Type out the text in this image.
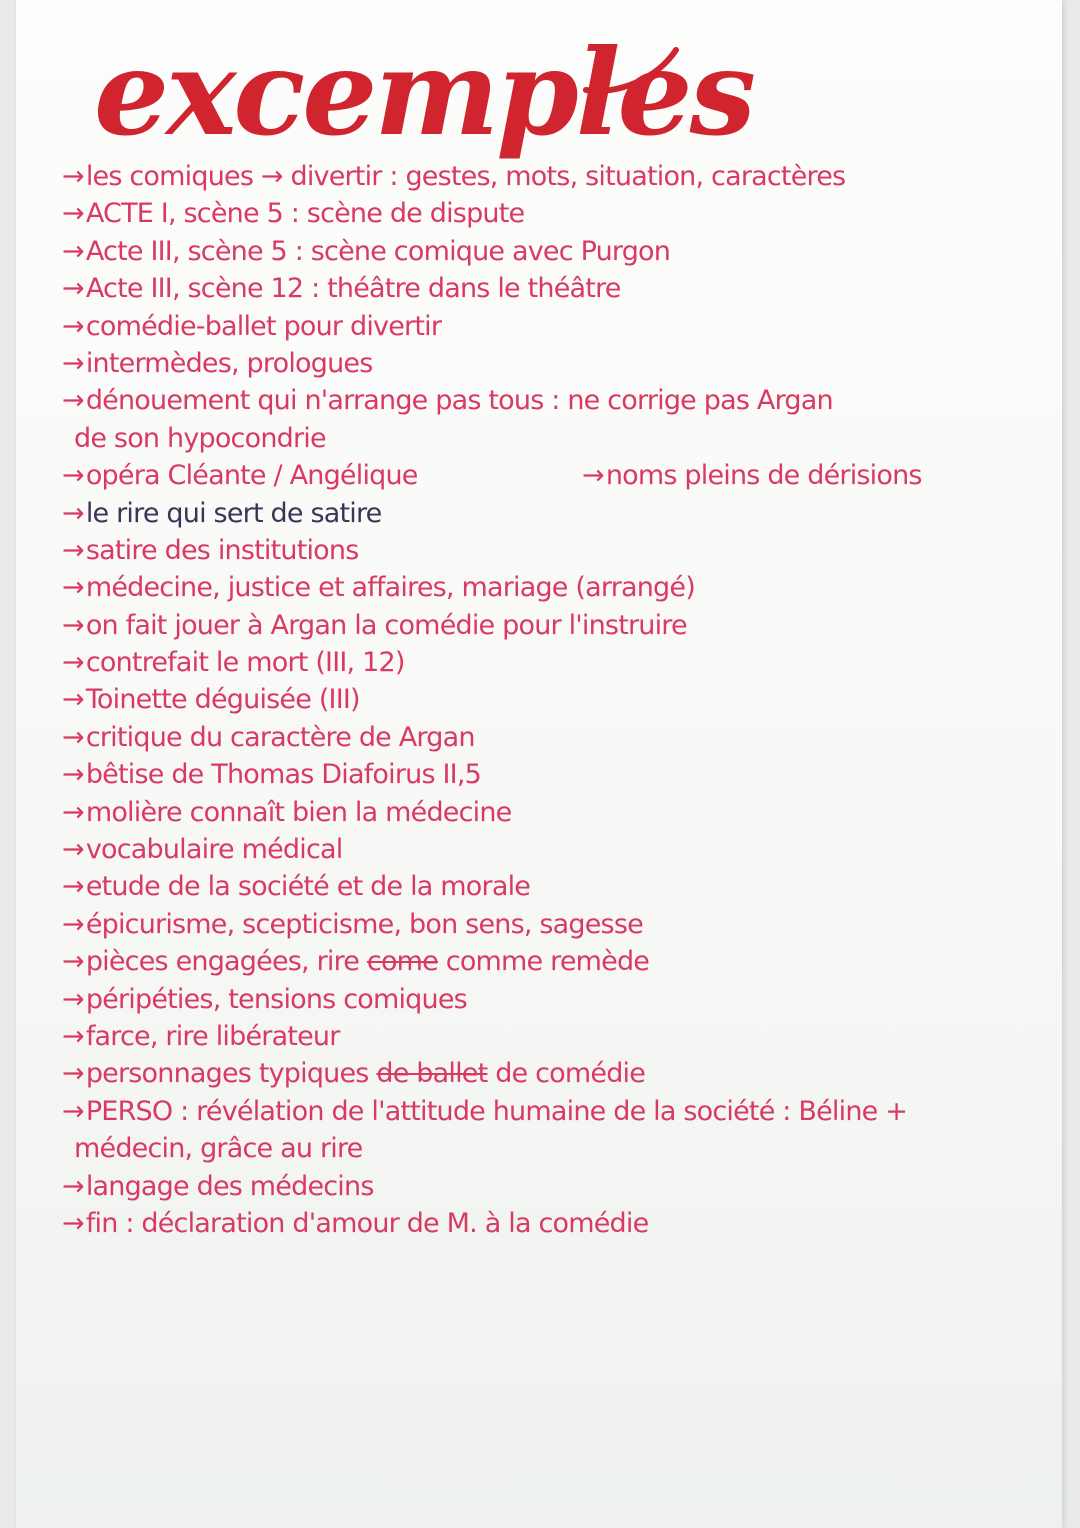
excemples
→les comiques → divertir : gestes, mots, situation, caractères
→ACTE I, scène 5 : scène de dispute
→Acte III, scène 5 : scène comique avec Purgon
→Acte III, scène 12 : théâtre dans le théâtre
→comédie-ballet pour divertir
→intermèdes, prologues
→dénouement qui n'arrange pas tous : ne corrige pas Argan
de son hypocondrie
→opéra Cléante / Angélique	→noms pleins de dérisions
→le rire qui sert de satire
→satire des institutions
→médecine, justice et affaires, mariage (arrangé)
→on fait jouer à Argan la comédie pour l'instruire
→contrefait le mort (III, 12)
→Toinette déguisée (III)
→critique du caractère de Argan
→bêtise de Thomas Diafoirus II,5
→molière connaît bien la médecine
→vocabulaire médical
→etude de la société et de la morale
→épicurisme, scepticisme, bon sens, sagesse
→pièces engagées, rire come comme remède
→péripéties, tensions comiques
→farce, rire libérateur
→personnages typiques de ballet de comédie
→PERSO : révélation de l'attitude humaine de la société : Béline +
médecin, grâce au rire
→langage des médecins
→fin : déclaration d'amour de M. à la comédie
